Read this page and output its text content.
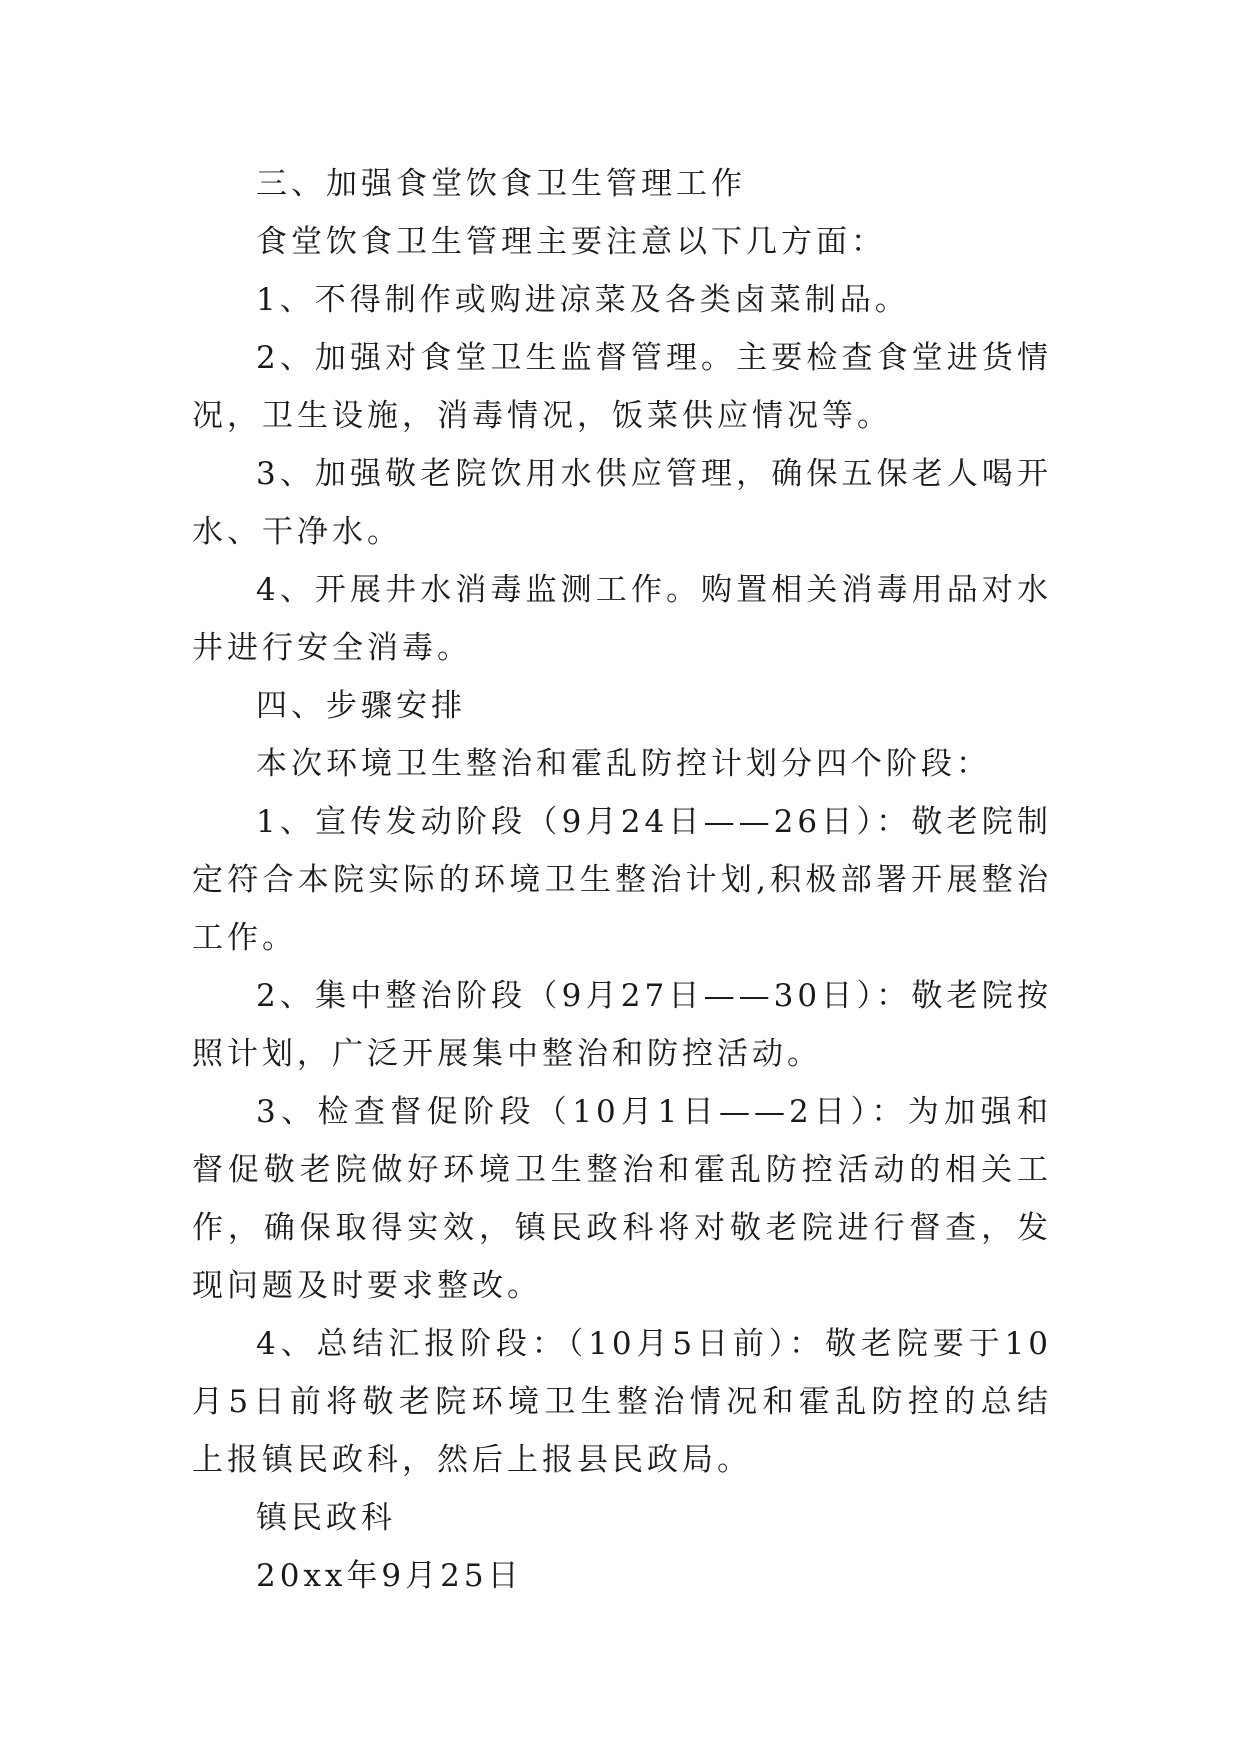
三、加强食堂饮食卫生管理工作

食堂饮食卫生管理主要注意以下几方面：

1、不得制作或购进凉菜及各类卤菜制品。

2、加强对食堂卫生监督管理。主要检查食堂进货情况，卫生设施，消毒情况，饭菜供应情况等。

3、加强敬老院饮用水供应管理，确保五保老人喝开水、干净水。

4、开展井水消毒监测工作。购置相关消毒用品对水井进行安全消毒。

四、步骤安排

本次环境卫生整治和霍乱防控计划分四个阶段：

1、宣传发动阶段（9月24日——26日）：敬老院制定符合本院实际的环境卫生整治计划,积极部署开展整治工作。

2、集中整治阶段（9月27日——30日）：敬老院按照计划，广泛开展集中整治和防控活动。

3、检查督促阶段（10月1日——2日）：为加强和督促敬老院做好环境卫生整治和霍乱防控活动的相关工作，确保取得实效，镇民政科将对敬老院进行督查，发现问题及时要求整改。

4、总结汇报阶段：（10月5日前）：敬老院要于10月5日前将敬老院环境卫生整治情况和霍乱防控的总结上报镇民政科，然后上报县民政局。

镇民政科

20xx年9月25日
